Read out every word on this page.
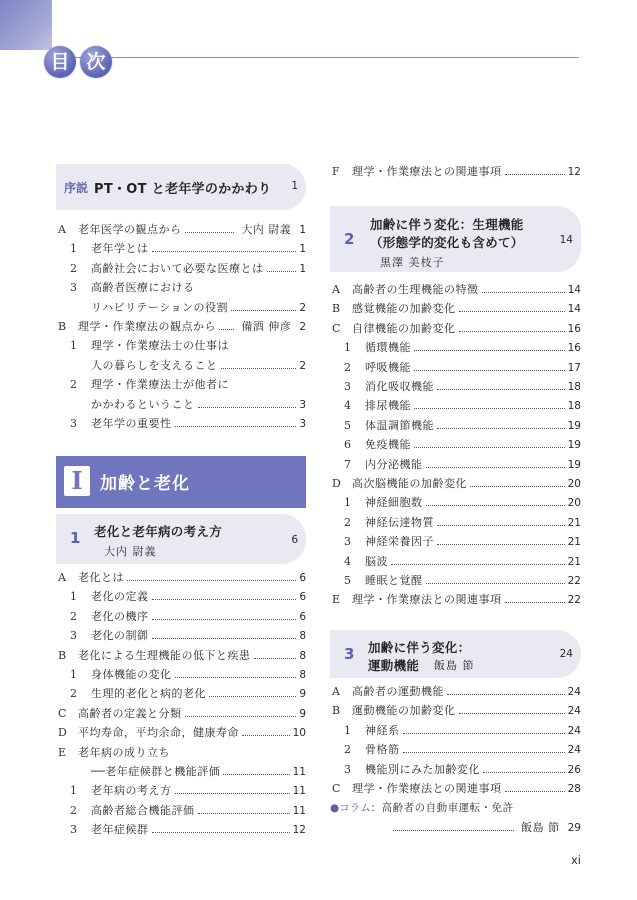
目 次
序説 PT・OT と老年学のかかわり 1
A	老年医学の観点から	大内 尉義 1
1	老年学とは	1
2	高齢社会において必要な医療とは	1
3	高齢者医療における
リハビリテーションの役割	2
B	理学・作業療法の観点から	備酒 伸彦 2
1	理学・作業療法士の仕事は
人の暮らしを支えること	2
2	理学・作業療法士が他者に
かかわるということ	3
3	老年学の重要性	3
I	加齢と老化
1 老化と老年病の考え方
大内 尉義
6
A	老化とは	6
1	老化の定義	6
2	老化の機序	6
3	老化の制御	8
B	老化による生理機能の低下と疾患	8
1	身体機能の変化	8
2	生理的老化と病的老化	9
C	高齢者の定義と分類	9
D	平均寿命，平均余命，健康寿命	10
E	老年病の成り立ち
──老年症候群と機能評価	11
1	老年病の考え方	11
2	高齢者総合機能評価	11
3	老年症候群	12
F	理学・作業療法との関連事項	12
2
加齢に伴う変化：生理機能
（形態学的変化も含めて）
黒澤 美枝子
14
A	高齢者の生理機能の特徴	14
B	感覚機能の加齢変化	14
C	自律機能の加齢変化	16
1	循環機能	16
2	呼吸機能	17
3	消化吸収機能	18
4	排尿機能	18
5	体温調節機能	19
6	免疫機能	19
7	内分泌機能	19
D	高次脳機能の加齢変化	20
1	神経細胞数	20
2	神経伝達物質	21
3	神経栄養因子	21
4	脳波	21
5	睡眠と覚醒	22
E	理学・作業療法との関連事項	22
3 加齢に伴う変化：
運動機能 飯島 節
24
A	高齢者の運動機能	24
B	運動機能の加齢変化	24
1	神経系	24
2	骨格筋	24
3	機能別にみた加齢変化	26
C	理学・作業療法との関連事項	28
● コラム ：高齢者の自動車運転・免許
飯島 節 29
xi
